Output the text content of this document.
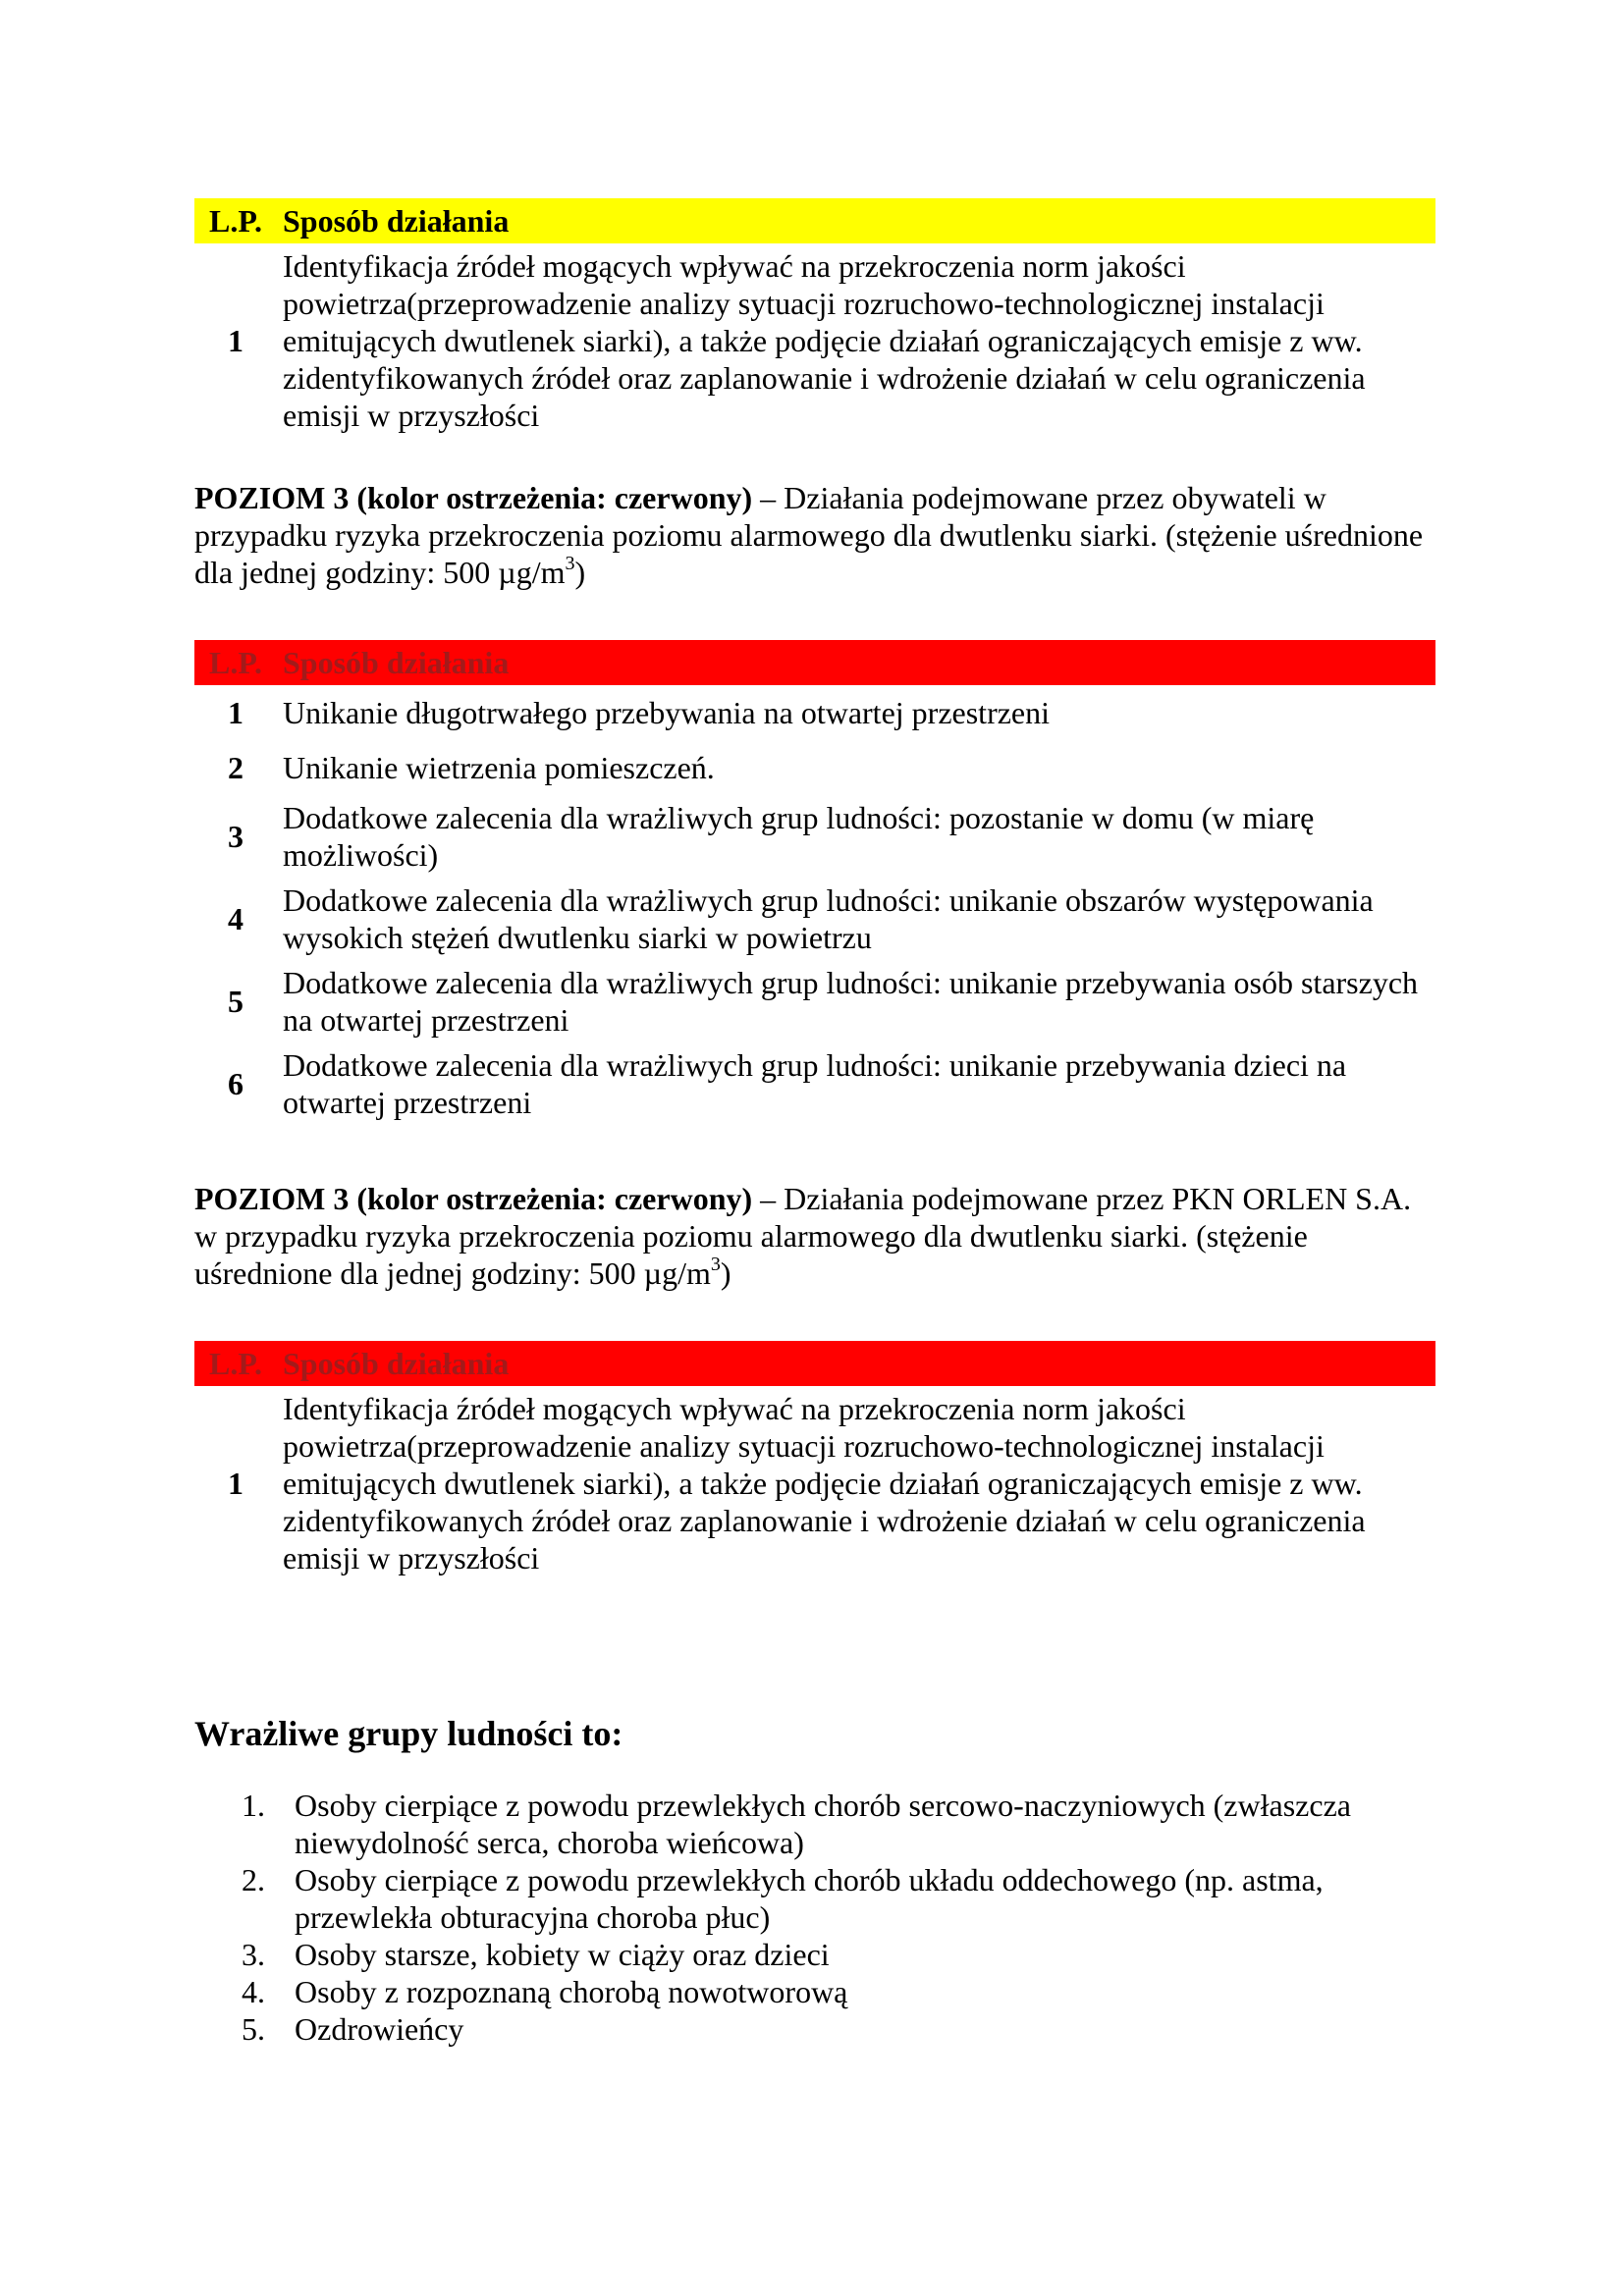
L.P.	Sposób działania
1	Identyfikacja źródeł mogących wpływać na przekroczenia norm jakości powietrza(przeprowadzenie analizy sytuacji rozruchowo-technologicznej instalacji emitujących dwutlenek siarki), a także podjęcie działań ograniczających emisje z ww. zidentyfikowanych źródeł oraz zaplanowanie i wdrożenie działań w celu ograniczenia emisji w przyszłości
POZIOM 3 (kolor ostrzeżenia: czerwony) – Działania podejmowane przez obywateli w przypadku ryzyka przekroczenia poziomu alarmowego dla dwutlenku siarki. (stężenie uśrednione dla jednej godziny: 500 $\mu g/m^3$)
L.P.	Sposób działania
1	Unikanie długotrwałego przebywania na otwartej przestrzeni
2	Unikanie wietrzenia pomieszczeń.
3	Dodatkowe zalecenia dla wrażliwych grup ludności: pozostanie w domu (w miarę możliwości)
4	Dodatkowe zalecenia dla wrażliwych grup ludności: unikanie obszarów występowania wysokich stężeń dwutlenku siarki w powietrzu
5	Dodatkowe zalecenia dla wrażliwych grup ludności: unikanie przebywania osób starszych na otwartej przestrzeni
6	Dodatkowe zalecenia dla wrażliwych grup ludności: unikanie przebywania dzieci na otwartej przestrzeni
POZIOM 3 (kolor ostrzeżenia: czerwony) – Działania podejmowane przez PKN ORLEN S.A. w przypadku ryzyka przekroczenia poziomu alarmowego dla dwutlenku siarki. (stężenie uśrednione dla jednej godziny: 500 $\mu g/m^3$)
L.P.	Sposób działania
1	Identyfikacja źródeł mogących wpływać na przekroczenia norm jakości powietrza(przeprowadzenie analizy sytuacji rozruchowo-technologicznej instalacji emitujących dwutlenek siarki), a także podjęcie działań ograniczających emisje z ww. zidentyfikowanych źródeł oraz zaplanowanie i wdrożenie działań w celu ograniczenia emisji w przyszłości
Wrażliwe grupy ludności to:
1. Osoby cierpiące z powodu przewlekłych chorób sercowo-naczyniowych (zwłaszcza niewydolność serca, choroba wieńcowa)
2. Osoby cierpiące z powodu przewlekłych chorób układu oddechowego (np. astma, przewlekła obturacyjna choroba płuc)
3. Osoby starsze, kobiety w ciąży oraz dzieci
4. Osoby z rozpoznaną chorobą nowotworową
5. Ozdrowieńcy
